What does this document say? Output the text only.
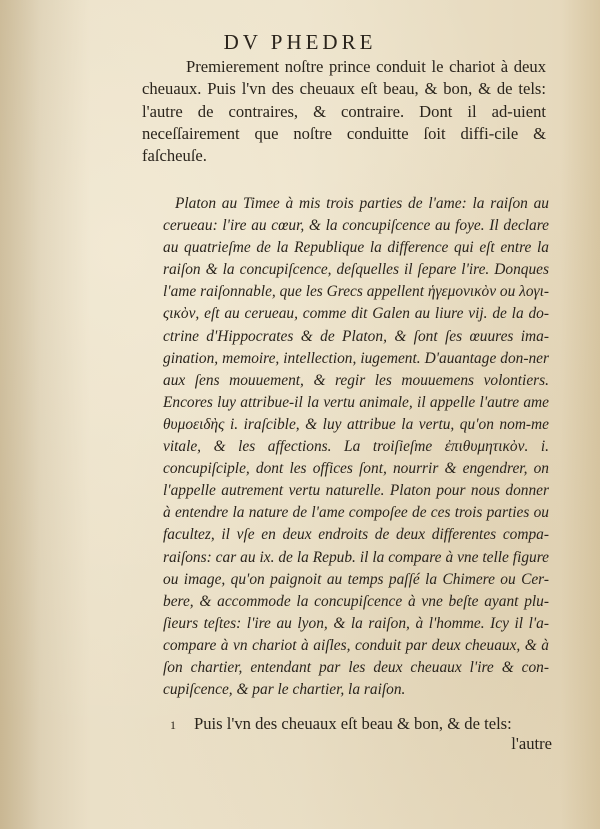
DV PHEDRE
Premierement noſtre prince conduit le chariot à deux cheuaux. Puis l'vn des cheuaux eſt beau, & bon, & de tels: l'autre de contraires, & contraire. Dont il ad-uient neceſſairement que noſtre conduitte ſoit diffi-cile & faſcheuſe.

Platon au Timee à mis trois parties de l'ame: la raiſon au cerueau: l'ire au cœur, & la concupiſcence au foye. Il declare au quatrieſme de la Republique la difference qui eſt entre la raiſon & la concupiſcence, deſquelles il ſepare l'ire. Donques l'ame raiſonnable, que les Grecs appellent ἡγεμονικὸν ou λογι-ςικὸν, eſt au cerueau, comme dit Galen au liure vij. de la do-ctrine d'Hippocrates & de Platon, & ſont ſes œuures ima-gination, memoire, intellection, iugement. D'auantage don-ner aux ſens mouuement, & regir les mouuemens volontiers. Encores luy attribue-il la vertu animale, il appelle l'autre ame θυμοειδὴς i. iraſcible, & luy attribue la vertu, qu'on nom-me vitale, & les affections. La troiſieſme ἐπιθυμητικὸν. i. concupiſciple, dont les offices ſont, nourrir & engendrer, on l'appelle autrement vertu naturelle. Platon pour nous donner à entendre la nature de l'ame compoſee de ces trois parties ou facultez, il vſe en deux endroits de deux differentes compa-raiſons: car au ix. de la Repub. il la compare à vne telle figure ou image, qu'on paignoit au temps paſſé la Chimere ou Cer-bere, & accommode la concupiſcence à vne beſte ayant plu-ſieurs teſtes: l'ire au lyon, & la raiſon, à l'homme. Icy il l'a-compare à vn chariot à aiſles, conduit par deux cheuaux, & à ſon chartier, entendant par les deux cheuaux l'ire & con-cupiſcence, & par le chartier, la raiſon.

1 Puis l'vn des cheuaux eſt beau & bon, & de tels:
l'autre
